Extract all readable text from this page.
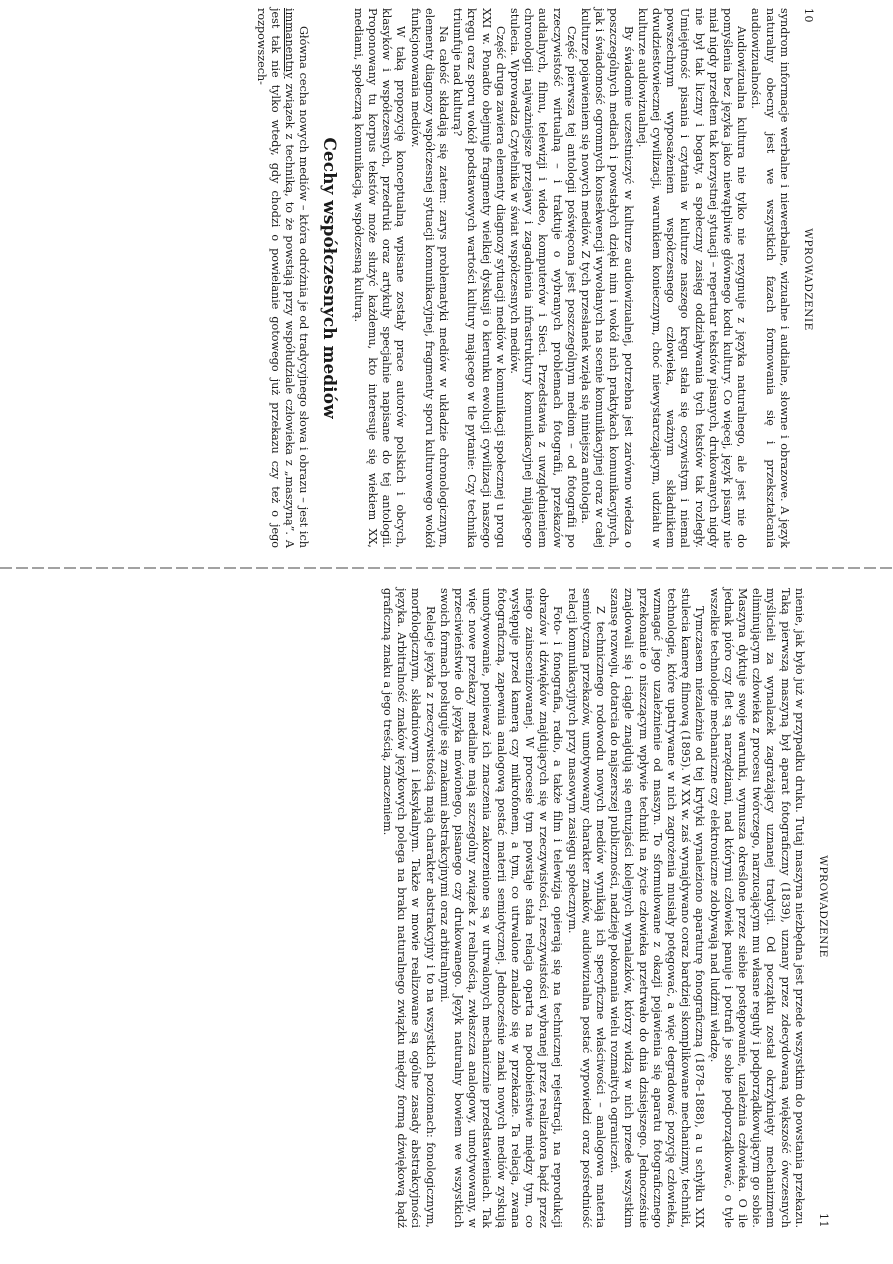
10
WPROWADZENIE

syndrom informacje werbalne i niewerbalne, wizualne i audialne, słowne i obrazowe. A język naturalny obecny jest we wszystkich fazach formowania się i przekształcania audiowizualności.

Audiowizualna kultura nie tylko nie rezygnuje z języka naturalnego, ale jest nie do pomyślenia bez języka jako niewątpliwie głównego kodu kultury. Co więcej, język pisany nie miał nigdy przedtem tak korzystnej sytuacji – repertuar tekstów pisanych, drukowanych nigdy nie był tak liczny i bogaty, a społeczny zasięg oddziaływania tych tekstów tak rozległy. Umiejętność pisania i czytania w kulturze naszego kręgu stała się oczywistym i niemal powszechnym wyposażeniem współczesnego człowieka, ważnym składnikiem dwudziestowiecznej cywilizacji, warunkiem koniecznym, choć niewystarczającym, udziału w kulturze audiowizualnej.

By świadomie uczestniczyć w kulturze audiowizualnej, potrzebna jest zarówno wiedza o poszczególnych mediach i powstałych dzięki nim i wokół nich praktykach komunikacyjnych, jak i świadomość ogromnych konsekwencji wywołanych na scenie komunikacyjnej oraz w całej kulturze pojawieniem się nowych mediów. Z tych przesłanek wzięła się niniejsza antologia.

Część pierwsza tej antologii poświęcona jest poszczególnym mediom – od fotografii po rzeczywistość wirtualną – i traktuje o wybranych problemach fotografii, przekazów audialnych, filmu, telewizji i wideo, komputerów i Sieci. Przedstawia z uwzględnieniem chronologii najważniejsze przejawy i zagadnienia infrastruktury komunikacyjnej mijającego stulecia. Wprowadza Czytelnika w świat współczesnych mediów.

Część druga zawiera elementy diagnozy sytuacji mediów w komunikacji społecznej u progu XXI w. Ponadto obejmuje fragmenty wielkiej dyskusji o kierunku ewolucji cywilizacji naszego kręgu oraz sporu wokół podstawowych wartości kultury mającego w tle pytanie: Czy technika triumfuje nad kulturą?

Na całość składają się zatem: zarys problematyki mediów w układzie chronologicznym, elementy diagnozy współczesnej sytuacji komunikacyjnej, fragmenty sporu kulturowego wokół funkcjonowania mediów.

W taką propozycję konceptualną wpisane zostały prace autorów polskich i obcych, klasyków i współczesnych, przedruki oraz artykuły specjalnie napisane do tej antologii. Proponowany tu korpus tekstów może służyć każdemu, kto interesuje się wiekiem XX, mediami, społeczną komunikacją, współczesną kulturą.

Cechy współczesnych mediów

Główna cecha nowych mediów – która odróżnia je od tradycyjnego słowa i obrazu – jest ich immanentny związek z techniką, to że powstają przy współudziale człowieka z „maszyną”. A jest tak nie tylko wtedy, gdy chodzi o powielanie gotowego już przekazu czy też o jego rozpowszech-

WPROWADZENIE
11

nienie, jak było już w przypadku druku. Tutaj maszyna niezbędna jest przede wszystkim do powstania przekazu. Taką pierwszą maszyną był aparat fotograficzny (1839), uznany przez zdecydowaną większość ówczesnych myślicieli za wynalazek zagrażający uznanej tradycji. Od początku został okrzyknięty mechanizmem eliminującym człowieka z procesu twórczego, narzucającym mu własne reguły i podporządkowującym go sobie. Maszyna dyktuje swoje warunki, wymusza określone przez siebie postępowanie, uzależnia człowieka. O ile jednak pióro czy flet są narzędziami, nad którymi człowiek panuje i potrafi je sobie podporządkować, o tyle wszelkie technologie mechaniczne czy elektroniczne zdobywają nad ludźmi władzę.

Tymczasem niezależnie od tej krytyki wynaleziono aparaturę fonograficzną (1878–1888), a u schyłku XIX stulecia kamerę filmową (1895). W XX w. zaś wynajdywano coraz bardziej skomplikowane mechanizmy, techniki, technologie, które upatrywane w nich zagrożenia musiały potęgować, a więc degradować pozycję człowieka, wzmagać jego uzależnienie od maszyn. To sformułowane z okazji pojawienia się aparatu fotograficznego przekonanie o niszczącym wpływie techniki na życie człowieka przetrwało do dnia dzisiejszego. Jednocześnie znajdowali się i ciągle znajdują się entuzjaści kolejnych wynalazków, którzy widzą w nich przede wszystkim szansę rozwoju, dotarcia do najszerszej publiczności, nadzieję pokonania wielu rozmaitych ograniczeń.

Z technicznego rodowodu nowych mediów wynikają ich specyficzne właściwości – analogowa materia semiotyczna przekazów, umotywowany charakter znaków, audiowizualna postać wypowiedzi oraz pośredniość relacji komunikacyjnych przy masowym zasięgu społecznym.

Foto- i fonografia, radio, a także film i telewizja opierają się na technicznej rejestracji, na reprodukcji obrazów i dźwięków znajdujących się w rzeczywistości, rzeczywistości wybranej przez realizatora bądź przez niego zainscenizowanej. W procesie tym powstaje stała relacja oparta na podobieństwie między tym, co występuje przed kamerą czy mikrofonem, a tym, co utrwalone znalazło się w przekazie. Ta relacja, zwana fotograficzną, zapewnia analogową postać materii semiotycznej. Jednocześnie znaki nowych mediów zyskują umotywowanie, ponieważ ich znaczenia zakorzenione są w utrwalonych mechanicznie przedstawieniach. Tak więc nowe przekazy medialne mają szczególny związek z realnością, zwłaszcza analogowy, umotywowany, w przeciwieństwie do języka mówionego, pisanego czy drukowanego. Język naturalny bowiem we wszystkich swoich formach posługuje się znakami abstrakcyjnymi oraz arbitralnymi.

Relacje języka z rzeczywistością mają charakter abstrakcyjny i to na wszystkich poziomach: fonologicznym, morfologicznym, składniowym i leksykalnym. Także w mowie realizowane są ogólne zasady abstrakcyjności języka. Arbitralność znaków językowych polega na braku naturalnego związku między formą dźwiękową bądź graficzną znaku a jego treścią, znaczeniem.
